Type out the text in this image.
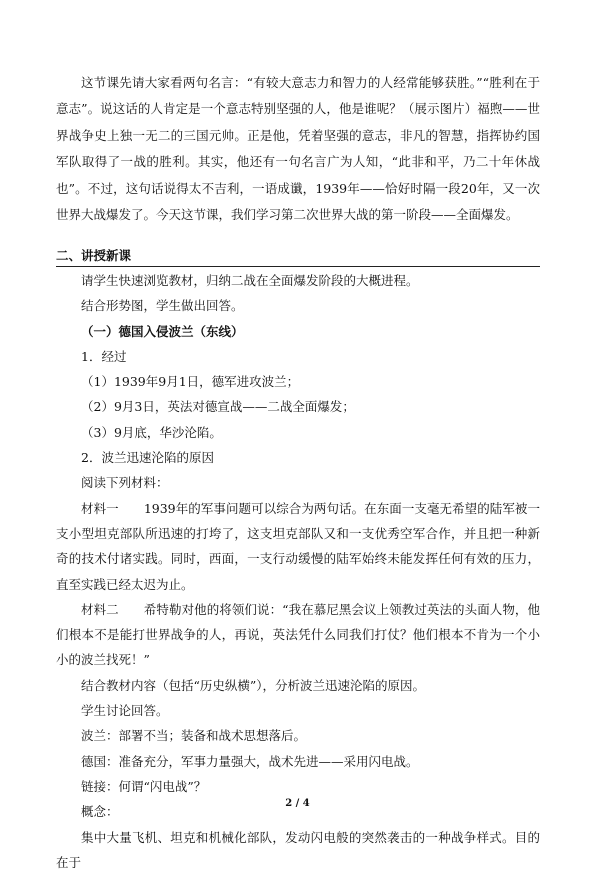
这节课先请大家看两句名言：“有较大意志力和智力的人经常能够获胜。”“胜利在于意志”。说这话的人肯定是一个意志特别坚强的人，他是谁呢？（展示图片）福煦——世界战争史上独一无二的三国元帅。正是他，凭着坚强的意志，非凡的智慧，指挥协约国军队取得了一战的胜利。其实，他还有一句名言广为人知，“此非和平，乃二十年休战也”。不过，这句话说得太不吉利，一语成谶，1939年——恰好时隔一段20年，又一次世界大战爆发了。今天这节课，我们学习第二次世界大战的第一阶段——全面爆发。

二、讲授新课

请学生快速浏览教材，归纳二战在全面爆发阶段的大概进程。

结合形势图，学生做出回答。

（一）德国入侵波兰（东线）

1．经过

（1）1939年9月1日，德军进攻波兰；

（2）9月3日，英法对德宣战——二战全面爆发；

（3）9月底，华沙沦陷。

2．波兰迅速沦陷的原因

阅读下列材料：

材料一　　1939年的军事问题可以综合为两句话。在东面一支毫无希望的陆军被一支小型坦克部队所迅速的打垮了，这支坦克部队又和一支优秀空军合作，并且把一种新奇的技术付诸实践。同时，西面，一支行动缓慢的陆军始终未能发挥任何有效的压力，直至实践已经太迟为止。

材料二　　希特勒对他的将领们说：“我在慕尼黑会议上领教过英法的头面人物，他们根本不是能打世界战争的人，再说，英法凭什么同我们打仗？他们根本不肯为一个小小的波兰找死！”

结合教材内容（包括“历史纵横”），分析波兰迅速沦陷的原因。

学生讨论回答。

波兰：部署不当；装备和战术思想落后。

德国：准备充分，军事力量强大，战术先进——采用闪电战。

链接：何谓“闪电战”？

概念：

集中大量飞机、坦克和机械化部队，发动闪电般的突然袭击的一种战争样式。目的在于

2 / 4
